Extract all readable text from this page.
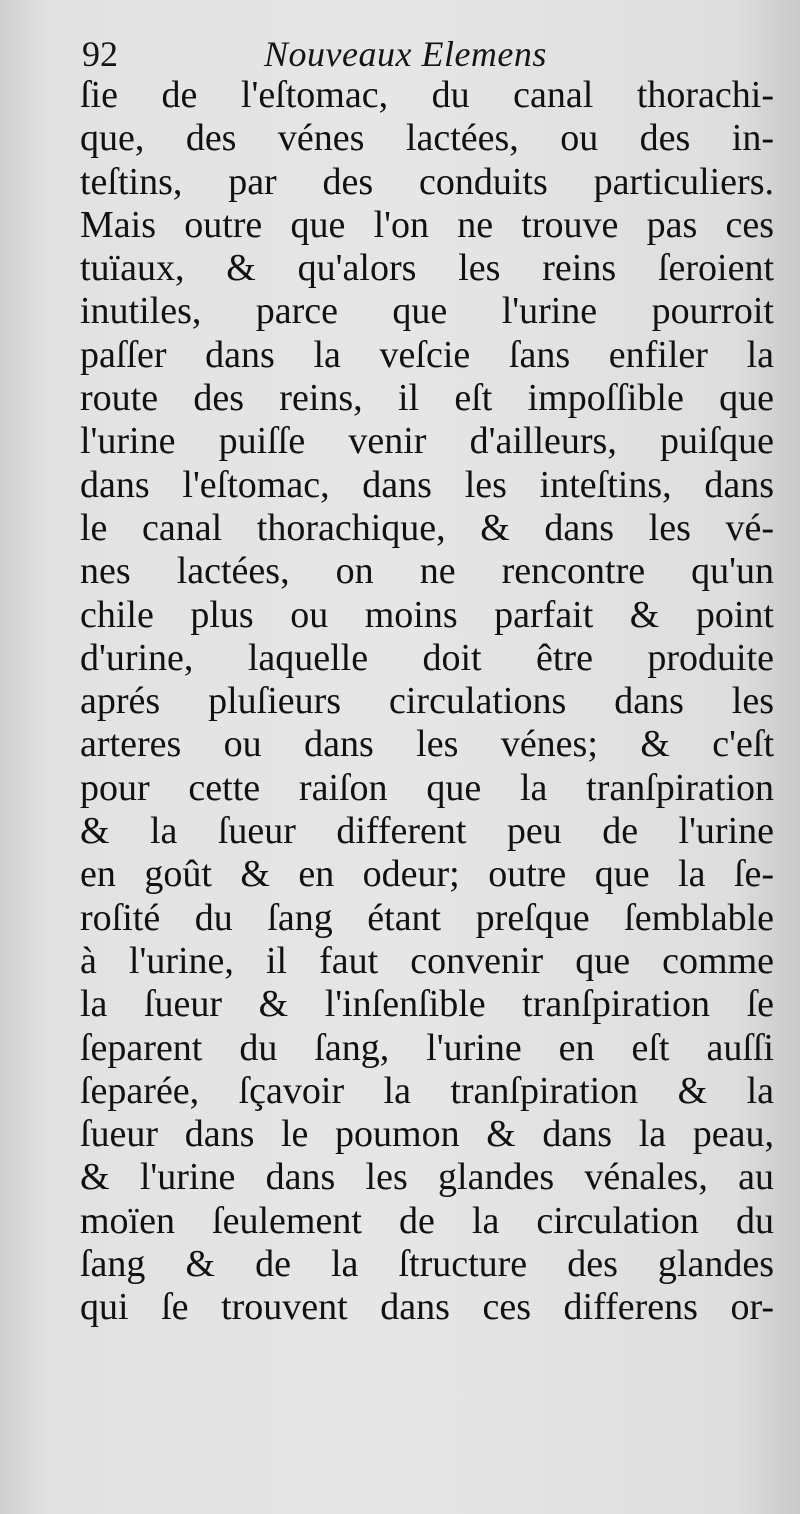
92	Nouveaux Elemens
ſie de l'eſtomac, du canal thorachi-
que, des vénes lactées, ou des in-
teſtins, par des conduits particuliers.
Mais outre que l'on ne trouve pas ces
tuïaux, & qu'alors les reins ſeroient
inutiles, parce que l'urine pourroit
paſſer dans la veſcie ſans enfiler la
route des reins, il eſt impoſſible que
l'urine puiſſe venir d'ailleurs, puiſque
dans l'eſtomac, dans les inteſtins, dans
le canal thorachique, & dans les vé-
nes lactées, on ne rencontre qu'un
chile plus ou moins parfait & point
d'urine, laquelle doit être produite
aprés pluſieurs circulations dans les
arteres ou dans les vénes; & c'eſt
pour cette raiſon que la tranſpiration
& la ſueur different peu de l'urine
en goût & en odeur; outre que la ſe-
roſité du ſang étant preſque ſemblable
à l'urine, il faut convenir que comme
la ſueur & l'inſenſible tranſpiration ſe
ſeparent du ſang, l'urine en eſt auſſi
ſeparée, ſçavoir la tranſpiration & la
ſueur dans le poumon & dans la peau,
& l'urine dans les glandes vénales, au
moïen ſeulement de la circulation du
ſang & de la ſtructure des glandes
qui ſe trouvent dans ces differens or-
